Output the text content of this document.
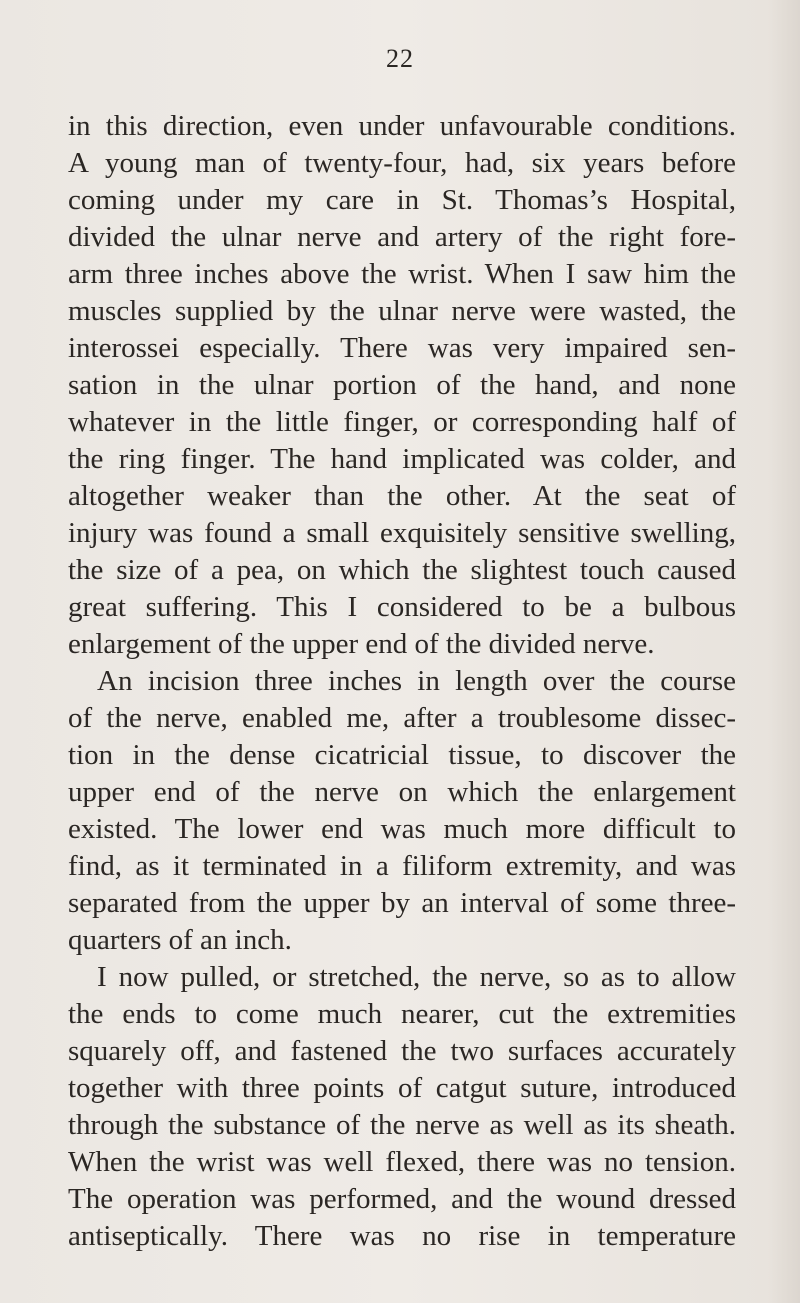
22
in this direction, even under unfavourable conditions.
A young man of twenty-four, had, six years before
coming under my care in St. Thomas’s Hospital,
divided the ulnar nerve and artery of the right fore-
arm three inches above the wrist. When I saw him the
muscles supplied by the ulnar nerve were wasted, the
interossei especially. There was very impaired sen-
sation in the ulnar portion of the hand, and none
whatever in the little finger, or corresponding half of
the ring finger. The hand implicated was colder, and
altogether weaker than the other. At the seat of
injury was found a small exquisitely sensitive swelling,
the size of a pea, on which the slightest touch caused
great suffering. This I considered to be a bulbous
enlargement of the upper end of the divided nerve.
An incision three inches in length over the course
of the nerve, enabled me, after a troublesome dissec-
tion in the dense cicatricial tissue, to discover the
upper end of the nerve on which the enlargement
existed. The lower end was much more difficult to
find, as it terminated in a filiform extremity, and was
separated from the upper by an interval of some three-
quarters of an inch.
I now pulled, or stretched, the nerve, so as to allow
the ends to come much nearer, cut the extremities
squarely off, and fastened the two surfaces accurately
together with three points of catgut suture, introduced
through the substance of the nerve as well as its sheath.
When the wrist was well flexed, there was no tension.
The operation was performed, and the wound dressed
antiseptically. There was no rise in temperature
